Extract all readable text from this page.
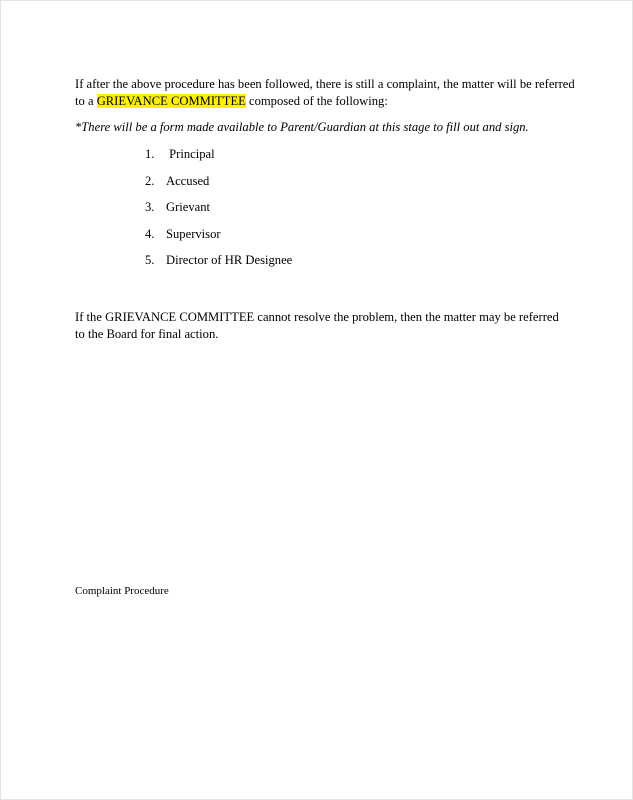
If after the above procedure has been followed, there is still a complaint, the matter will be referred to a GRIEVANCE COMMITTEE composed of the following:

*There will be a form made available to Parent/Guardian at this stage to fill out and sign.

1. Principal
2. Accused
3. Grievant
4. Supervisor
5. Director of HR Designee

If the GRIEVANCE COMMITTEE cannot resolve the problem, then the matter may be referred to the Board for final action.

Complaint Procedure
